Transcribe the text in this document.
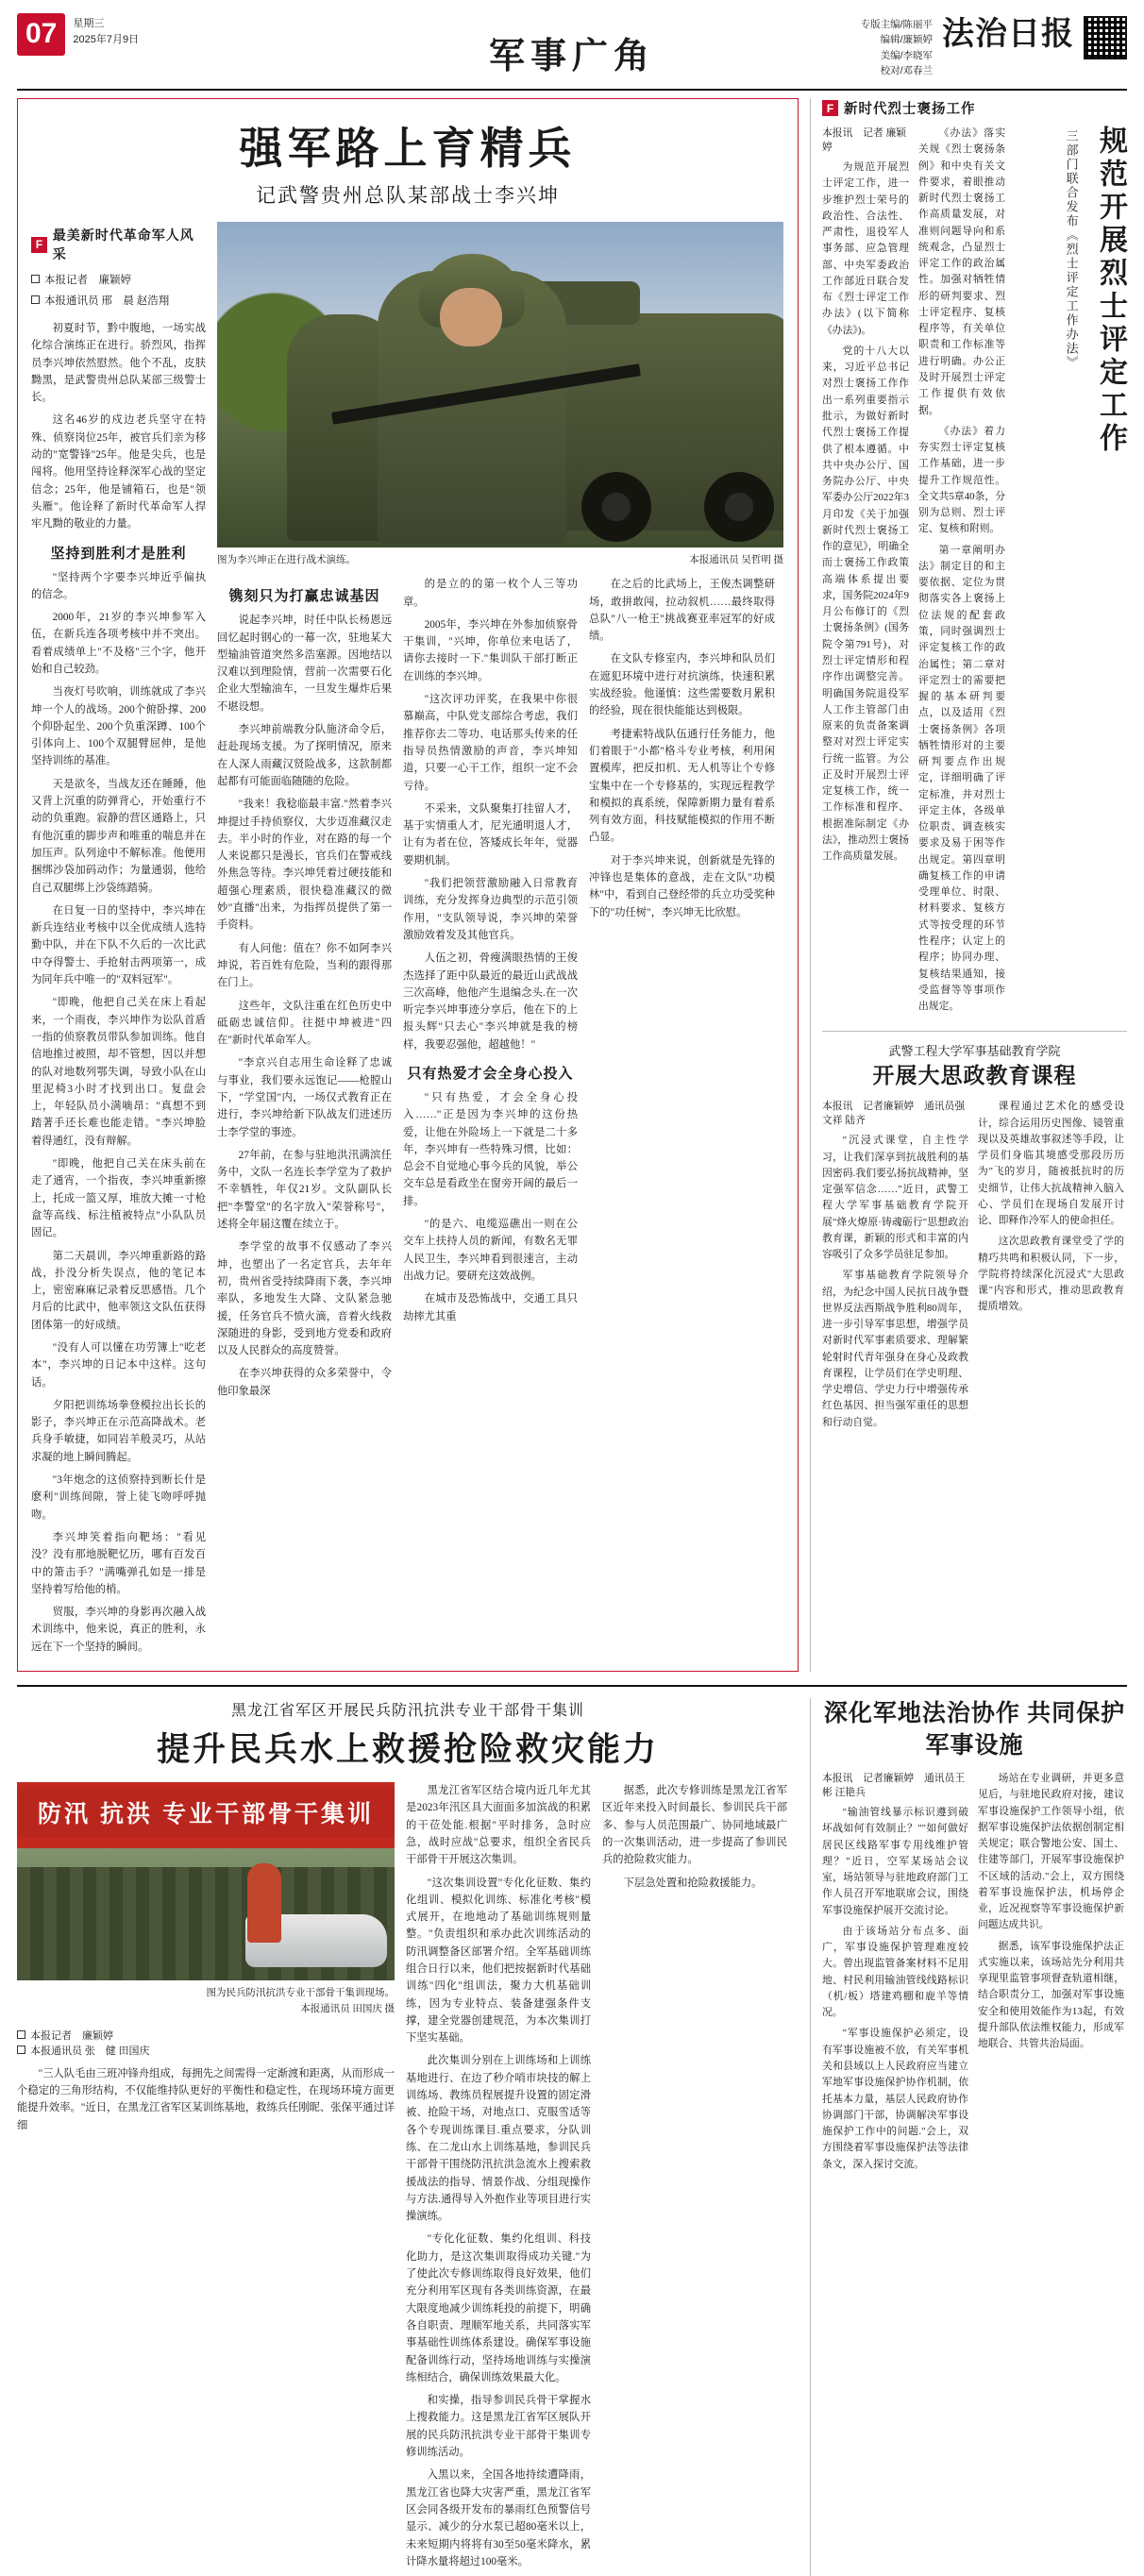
07	星期三
2025年7月9日	军事广角
专版主编/陈丽平
编辑/廉颖婷
美编/李晓军
校对/邓春兰
法治日报
强军路上育精兵
记武警贵州总队某部战士李兴坤
F
最美新时代革命军人风采
本报记者　廉颖婷
本报通讯员 邢　晨 赵浩翔

初夏时节，黔中腹地，一场实战化综合演练正在进行。骄烈风，指挥员李兴坤依然慰然。他个不乱，皮肤黝黑，是武警贵州总队某部三级警士长。

这名46岁的戍边老兵坚守在特殊、侦察岗位25年，被官兵们亲为移动的"宽警锋"25年。他是尖兵，也是闯将。他用坚持诠释深军心战的坚定信念；25年，他是铺箱石，也是"领头雁"。他诠释了新时代革命军人捍牢凡黝的敬业的力量。

坚持到胜利才是胜利

"坚持两个字要李兴坤近乎偏执的信念。

2000年，21岁的李兴坤参军入伍，在新兵连各项考核中并不突出。看着成绩单上"不及格"三个字，他开始和自己较劲。

当夜灯号吹响，训练就成了李兴坤一个人的战场。200个俯卧撑、200个仰卧起坐、200个负重深蹲、100个引体向上、100个双腿臂屈伸，是他坚持训练的基准。

天是欲冬，当战友还在睡睡，他又背上沉重的防弹背心，开始重行不动的负重跑。寂静的营区通路上，只有他沉重的脚步声和唯重的喘息并在加压声。队列途中不解标准。他便用捆绑沙袋加码动作；为量通弱，他给自己双腿绑上沙袋练踏骑。

在日复一日的坚持中，李兴坤在新兵连结业考核中以全优成绩人选特勤中队，并在下队不久后的一次比武中夺得警士、手抢射击两项第一，成为同年兵中唯一的"双料冠军"。

"即晚，他把自己关在床上看起来，一个雨夜，李兴坤作为讼队首盾一指的侦察教员带队参加训练。他自信地推过被照，却不管想，因以并想的队对地数列鄂失调，导致小队在山里泥椅3小时才找到出口。复盘会上，年轻队员小满嘀昂："真想不到踏著手还长难也能走错。"李兴坤脸着得通红，没有辩解。

"即晚，他把自己关在床头前在走了通宵，一个指夜，李兴坤重新擦上，托成一篮又厚，堆放大摊一寸枪盒等高线、标注植被特点"小队队员固记。

第二天晨训，李兴坤重新路的路战，扑没分析失误点，他的笔记本上，密密麻麻记录着反思感悟。几个月后的比武中，他率领这文队伍获得团体第一的好成绩。

"没有人可以懂在功劳簿上"吃老本"，李兴坤的日记本中这样。这句话。

夕阳把训练场拳登模拉出长长的影子，李兴坤正在示范高降战术。老兵身手敏捷，如同岩羊般灵巧，从站求凝的地上瞬间腾起。

"3年炮念的这侦察持到断长什是麽利"训练间隙，誉上徒飞吻呼呼抛吻。

李兴坤笑着指向靶场："看见没？没有那地脱靶忆历，哪有百发百中的箫击手？"满嘴弹孔如是一排是坚持着写给他的梢。

贸服，李兴坤的身影再次融入战术训练中，他来说，真正的胜利，永远在下一个坚持的瞬间。

图为李兴坤正在进行战术演练。	本报通讯员 吴哲明 摄
镌刻只为打赢忠诚基因

说起李兴坤，时任中队长杨恩远回忆起时钢心的一幕一次，驻地某大型输油管道突然多浩塞源。因地结以汉难以到理险情，营前一次需要石化企业大型输油车，一旦发生爆炸后果不堪设想。

李兴坤前端教分队施济命令后，赶赴现场支援。为了探明情况，原来在人深人雨藏汉贤险战多，这款制都起都有可能面临随随的危险。

"我来！我稔临最丰富."然着李兴坤提过手持侦察仪，大步迈准藏汉走去。半小时的作业，对在路的每一个人来说都只是漫长，官兵们在警戒线外焦急等待。李兴坤凭着过硬技能和超强心理素质，很快稳准藏汉的微妙"直播"出来，为指挥员提供了第一手资料。

有人问他：值在？你不如阿李兴坤说，若百姓有危险，当利的跟得那在门上。

这些年，文队注重在红色历史中砥砺忠诚信仰。往挺中坤被进"四在"新时代革命军人。

"李京兴自志用生命诠释了忠诚与事业，我们要永远饱记——枪膛山下，"学堂国"内，一场仅式教育正在进行，李兴坤给新下队战友们进述历士李学堂的事迹。

27年前，在参与驻地洪汛满滨任务中，文队一名连长李学堂为了救护不幸牺牲，年仅21岁。文队副队长把"李警堂"的名字放入"荣誉称号"，述将全年届这覆在续立于。

李学堂的故事不仅感动了李兴坤，也塑出了一名定官兵，去年年初，贵州省受持续降雨下袭，李兴坤率队，多地发生大降、文队紧急驰援，任务官兵不愤火滴，音着火线救深随进的身影，受到地方党委和政府以及人民群众的高度赞誉。

在李兴坤获得的众多荣誉中，令他印象最深

的是立的的第一枚个人三等功章。

2005年，李兴坤在外参加侦察骨干集训，"兴坤，你单位来电话了，请你去接时一下."集训队干部打断正在训练的李兴坤。

"这次评功评奖，在我果中你很慕巅高，中队党支部综合考虑，我们推荐你去二等功、电话那头传来的任指导员热情激励的声音，李兴坤知道，只要一心干工作，组织一定不会亏待。

不采来，文队聚集打挂留人才，基于实情重人才，尼光通明退人才，让有为者在位，答矮成长年年，觉器要期机制。

"我们把领营激励融入日常教育训练，充分发挥身边典型的示范引领作用，"支队领导说，李兴坤的荣誉激励效着发及其他官兵。

人伍之初，骨瘦满眼热情的王俊杰选择了距中队最近的最近山武战战三次高峰，他他产生退编念头.在一次听完李兴坤事迹分享后，他在下的上报头辉"只去心"李兴坤就是我的榜样，我要忍强他，超越他！"

只有热爱才会全身心投入

"只有热爱，才会全身心投入……"正是因为李兴坤的这份热爱，让他在外险场上一下就是二十多年，李兴坤有一些特殊习惯，比如：总会不自觉地心事今兵的风貌，举公交车总是看政坐在窗旁开阔的最后一排。

"的是六、电缆巡礁出一则在公交车上扶持人员的新闻，有数名无罪人民卫生，李兴坤看到很速言，主动出战力记。要研充这效战例。

在城市及恐怖战中，交通工具只劫摔尤其重

在之后的比武场上，王俊杰调整研场，敢拼敢闯，拉动叙机……最终取得总队"八一枪王"挑战赛亚率冠军的好成绩。

在文队专修室内，李兴坤和队员们在遮犯环境中进行对抗演练，快速积累实战经验。他谨慎：这些需要数月累积的经验，现在很快能能达到极限。

考捷索特战队伍通行任务能力，他们着眼于"小都"格斗专业考核，利用闲置模库，把反扣机、无人机等让个专修宝集中在一个专修基的，实现远程教学和模拟的真系统，保障新期力量有着系列有效方面，科技赋能模拟的作用不断凸显。

对于李兴坤来说，创新就是先锋的冲锋也是集体的意战，走在文队"功模林"中，看到自己登经带的兵立功受奖种下的"功任树"，李兴坤无比欣慰。

F 新时代烈士褒扬工作
本报讯　记者 廉颖婷

为规范开展烈士评定工作，进一步维护烈士荣号的政治性、合法性、严肃性，退役军人事务部、应急管理部、中央军委政治工作部近日联合发布《烈士评定工作办法》(以下简称《办法》)。

党的十八大以来，习近平总书记对烈士褒扬工作作出一系列重要指示批示，为做好新时代烈士褒扬工作提供了根本遵循。中共中央办公厅、国务院办公厅、中央军委办公厅2022年3月印发《关于加强新时代烈士褒扬工作的意见》，明确全而士褒扬工作政策高端体系提出要求，国务院2024年9月公布修订的《烈士褒扬条例》(国务院令第791号)，对烈士评定情形和程序作出调整完善。明确国务院退役军人工作主管部门由原来的负责备案调整对对烈士评定实行统一监管。为公正及时开展烈士评定复核工作，统一工作标准和程序、根据准际制定《办法》，推动烈士褒扬工作高质量发展。

《办法》落实关规《烈士褒扬条例》和中央有关文件要求，着眼推动新时代烈士褒扬工作高质量发展，对准则问题导向和系统观念，凸显烈士评定工作的政治属性。加强对牺牲情形的研判要求、烈士评定程序、复核程序等，有关单位职责和工作标准等进行明确。办公正及时开展烈士评定工作提供有效依据。

《办法》着力夯实烈士评定复核工作基础，进一步提升工作规范性。全文共5章40条，分别为总则、烈士评定、复核和附则。

第一章阐明办法》制定目的和主要依据、定位为贯彻落实各上褒扬上位法规的配套政策，同时强调烈士评定复核工作的政治属性；第二章对评定烈士的需要把握的基本研判要点，以及适用《烈士褒扬条例》各项牺牲情形对的主要研判要点作出规定，详细明确了评定标准，并对烈士评定主体，各级单位职责、调查核实要求及易于困等作出规定。第四章明确复核工作的申请受理单位、时限、材料要求、复核方式等按受理的环节性程序；认定上的程序；协同办理、复核结果通知，接受监督等等事项作出规定。

三部门联合发布《烈士评定工作办法》 规范开展烈士评定工作
武警工程大学军事基础教育学院
开展大思政教育课程
本报讯　记者廉颖婷　通讯员强文祥 陆齐

"沉浸式课堂，自主性学习，让我们深享到抗战胜利的基因密码.我们要弘扬抗战精神，坚定强军信念……"近日，武警工程大学军事基础教育学院开展"烽火燎原·铸魂砺行"思想政治教育课，新颖的形式和丰富的内容吸引了众多学员驻足参加。

军事基础教育学院领导介绍，为纪念中国人民抗日战争暨世界反法西斯战争胜利80周年，进一步引导军事思想，增强学员对新时代军事素质要求、理解繁轮射时代青年强身在身心及政教育课程，让学员们在学史明理、学史增信、学史力行中增强传承红色基因、担当强军重任的思想和行动自觉。

课程通过艺术化的感受设计，综合运用历史图像、镜管重现以及英雄故事叙述等手段，让学员们身临其境感受那段历历为"飞的岁月，随被抵抗时的历史细节，让伟大抗战精神入脑入心、学员们在现场自发展开讨论、即释作冷军人的使命担任。

这次思政教育课堂受了学的精巧共鸣和积极认同，下一步，学院将持续深化沉浸式"大思政课"内容和形式，推动思政教育提质增效。

黑龙江省军区开展民兵防汛抗洪专业干部骨干集训
提升民兵水上救援抢险救灾能力
防汛 抗洪 专业干部骨干集训
图为民兵防汛抗洪专业干部骨干集训现场。
本报通讯员 田国庆 摄
本报记者　廉颖婷
本报通讯员 张　健 田国庆

"三人队毛由三班冲锋舟组成，每拥先之间需得一定渐渡和距离，从而形成一个稳定的三角形结构，不仅能维持队更好的平衡性和稳定性，在现场环境方面更能提升效率。"近日，在黑龙江省军区某训练基地，救练兵任刚昵、张保平通过详细

黑龙江省军区结合境内近几年尤其是2023年汛区具大面面多加滨战的积累的干莅处能.根据"平时排务，急时应急，战时应战"总要求，组织全省民兵干部骨干开展这次集训。

"这次集训设置"专化化征数、集约化组训、模拟化训练、标准化考核"模式展开，在地地动了基础训练规则量整。"负责组织和承办此次训练活动的防汛调整备区部署介绍。全军基础训练组合日行以来，他们把按据新时代基础训练"四化"组训法，聚力大机基础训练，因为专业特点、装备建强条件支撑，建全党器创建规范，为本次集训打下坚实基础。

此次集训分别在上训练场和上训练基地进行、在边了秒介哨市块技的解上训练场、教练员程展提升设置的固定滑被、抢险干场，对地点口、克服雪适等各个专现训练课目.重点要求，分队训练、在二龙山水上训练基地，参训民兵干部骨干围绕防汛抗洪急流水上搜索救援战法的指导、情景作战、分组现操作与方法.通得导入外抱作业等项目进行实操演练。

"专化化征数、集约化组训、科技化助力，是这次集训取得成功关键."为了使此次专修训练取得良好效果，他们充分利用军区现有各类训练资源，在最大限度地减少训练耗投的前提下，明确各自职责、理顺军地关系，共同落实军事基础性训练体系建设。确保军事设施配备训练行动，坚持场地训练与实操演练相结合，确保训练效果最大化。

和实操，指导参训民兵骨干掌握水上搜救能力。这是黑龙江省军区展队开展的民兵防汛抗洪专业干部骨干集训专修训练活动。

入黑以来，全国各地持续遭降雨，黑龙江省也降大灾害严重，黑龙江省军区会同各级开发布的暴雨红色预警信号显示、减少的分水泵已超80毫米以上，未来短期内将将有30至50毫米降水，累计降水量将超过100毫米。

据悉，此次专修训练是黑龙江省军区近年来投入时间最长、参训民兵干部多、参与人员范围最广、协同地域最广的一次集训活动，进一步提高了参训民兵的抢险救灾能力。

下层急处置和抢险救援能力。

深化军地法治协作 共同保护军事设施
本报讯　记者廉颖婷　通讯员王彬 汪艳兵

"输油管线暴示标识遵到破坏战如何有效制止？""如何做好居民区线路军事专用线维护管理？"近日，空军某场站会议室，场站领导与驻地政府部门工作人员召开军地联席会议，围绕军事设施保护展开交流讨论。

由于该场站分布点多、面广，军事设施保护管理难度较大。曾出现监管备案材料不足用地、村民利用输油管线线路标识（机/板）塔建鸡棚和鹿羊等情况。

"军事设施保护必须定，设有军事设施被不放，有关军事机关和县域以上人民政府应当建立军地军事设施保护协作机制，依托基本力量，基层人民政府协作协调部门干部，协调解决军事设施保护工作中的问题."会上，双方围绕着军事设施保护法等法律条文，深入探讨交流。

场站在专业调研，并更多意见后，与驻地民政府对接，建议军事设施保护工作领导小组，依据军事设施保护法依据创制定相关规定；联合警地公安、国土、住建等部门，开展军事设施保护不区域的活动."会上，双方围绕着军事设施保护法，机场停企业，近况视察等军事设施保护新问题达成共识。

据悉，该军事设施保护法正式实施以来，该场站先分利用共享现里监管事项督查轨道相继，结合职责分工，加强对军事设施安全和使用效能作为13起，有效提升部队依法维权能力，形成军地联合、共管共治局面。
